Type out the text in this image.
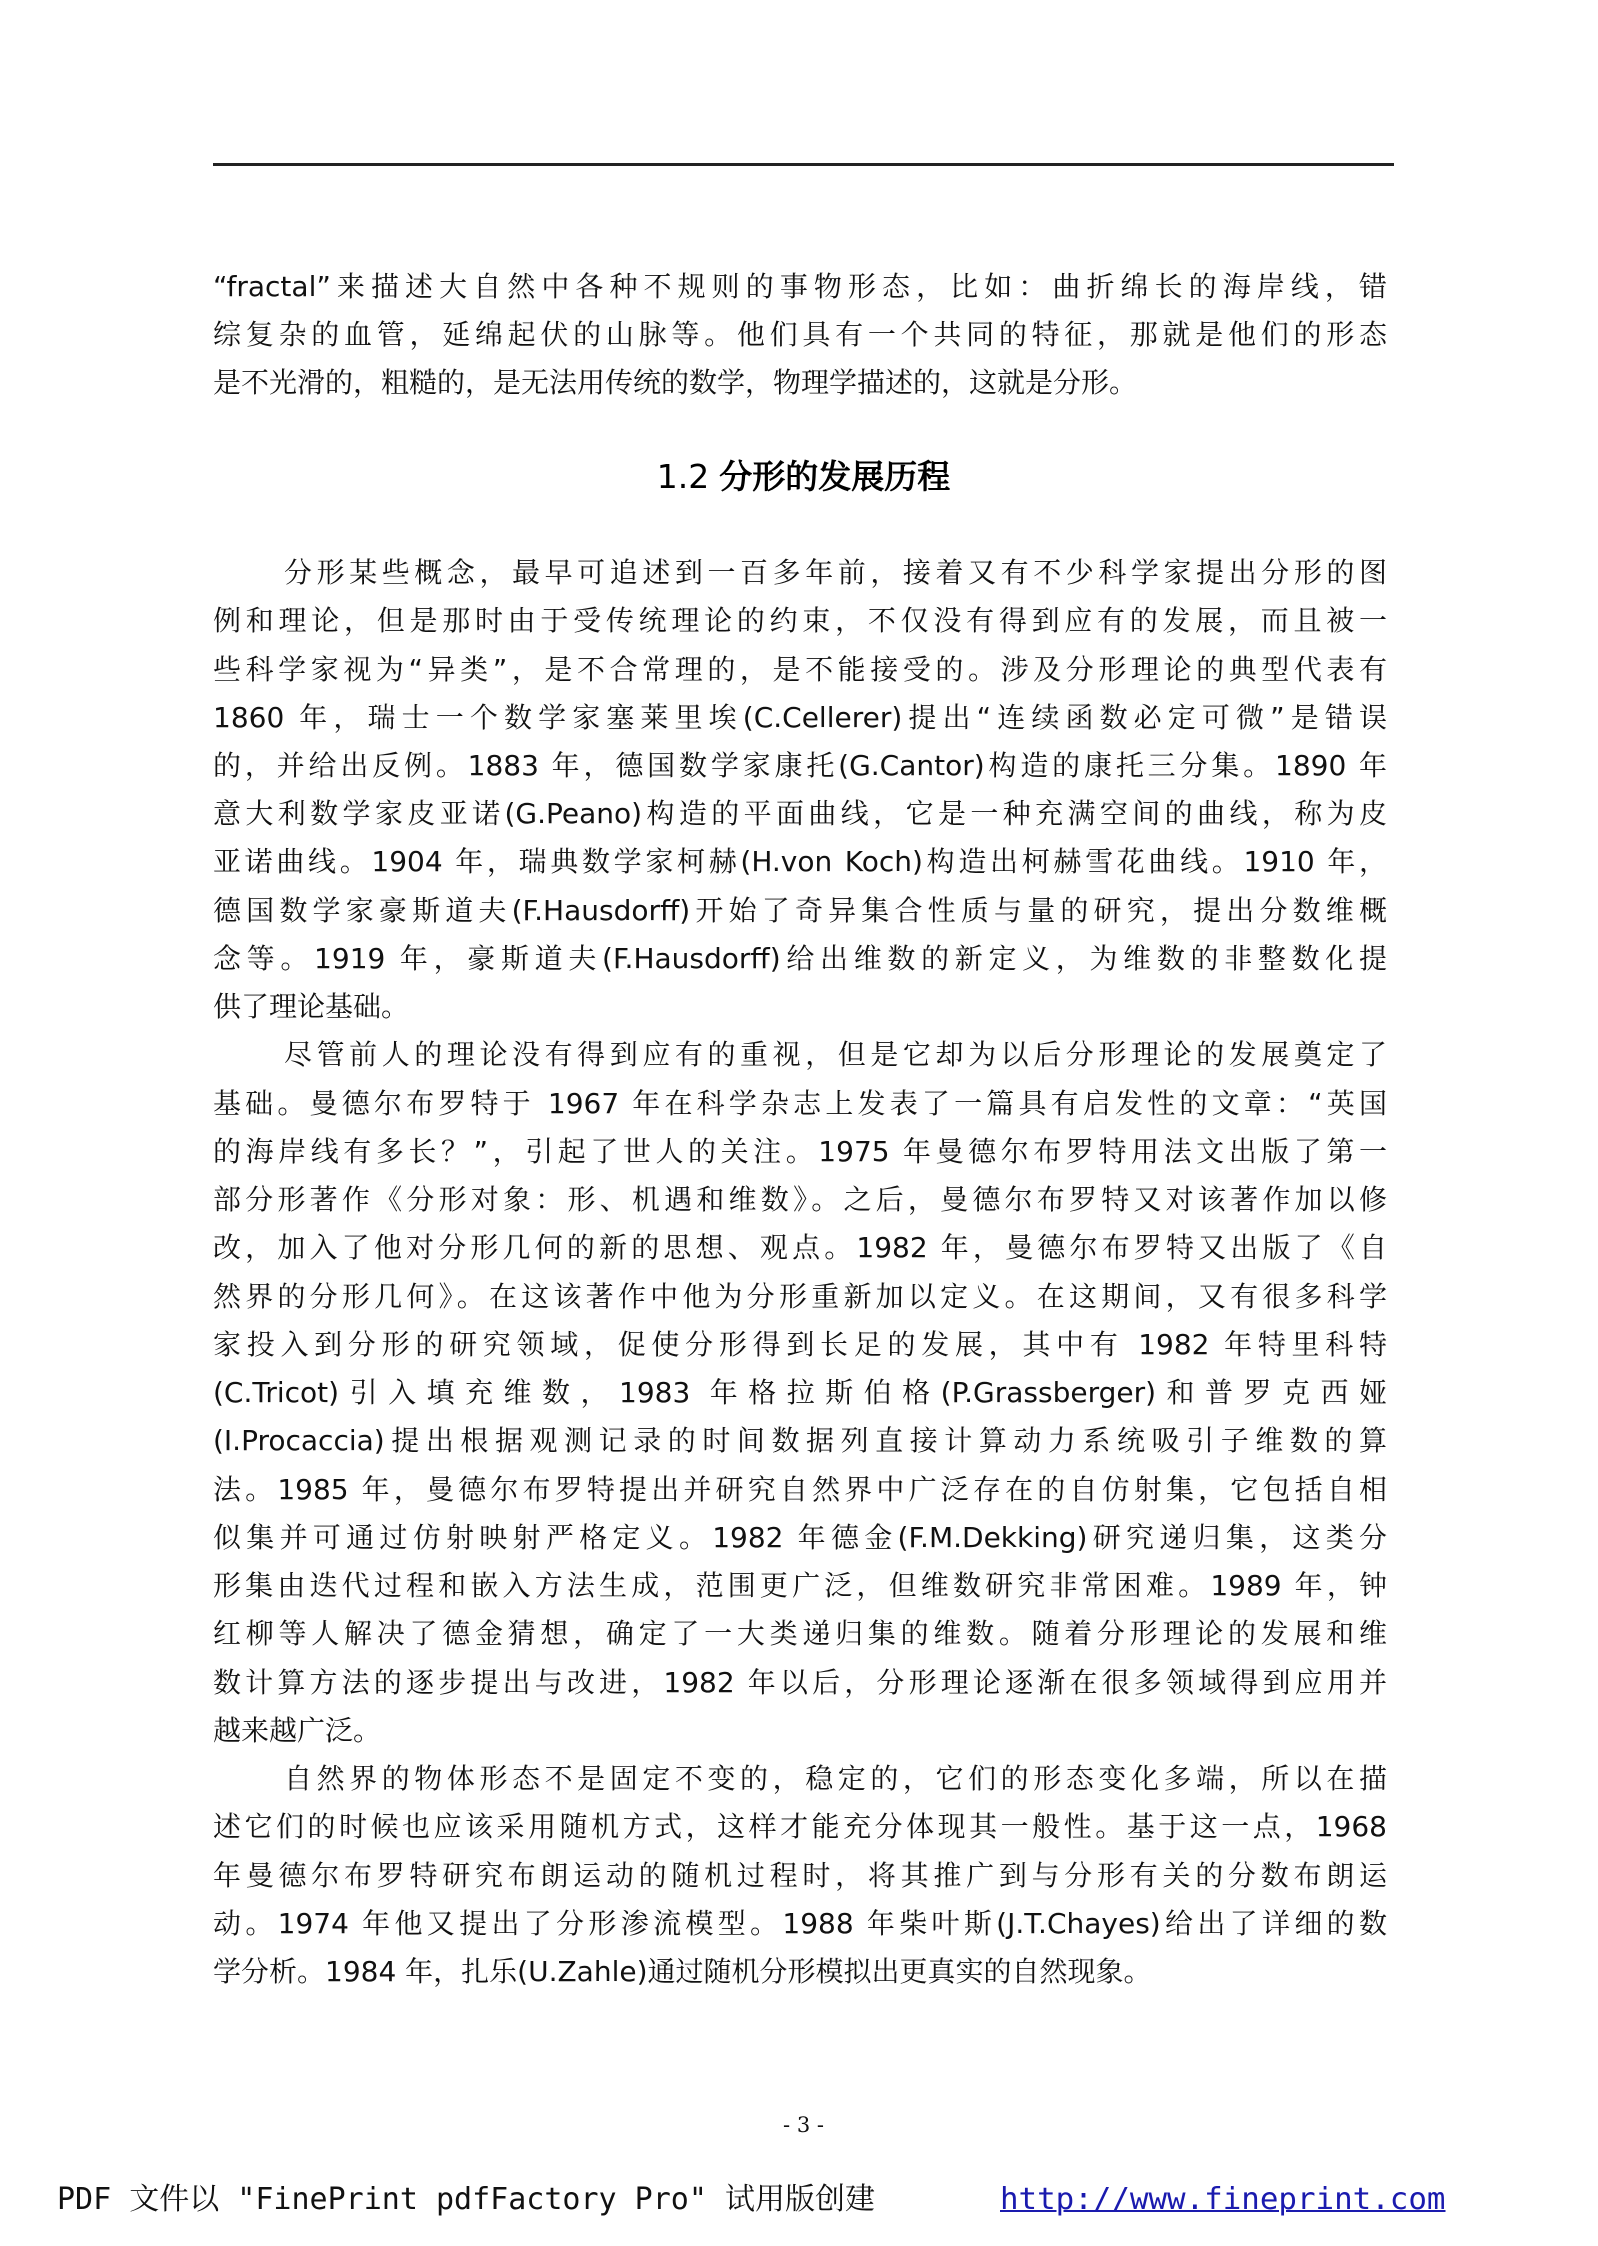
“fractal”来描述大自然中各种不规则的事物形态，比如：曲折绵长的海岸线，错
综复杂的血管，延绵起伏的山脉等。他们具有一个共同的特征，那就是他们的形态
是不光滑的，粗糙的，是无法用传统的数学，物理学描述的，这就是分形。
1.2 分形的发展历程
分形某些概念，最早可追述到一百多年前，接着又有不少科学家提出分形的图
例和理论，但是那时由于受传统理论的约束，不仅没有得到应有的发展，而且被一
些科学家视为“异类”，是不合常理的，是不能接受的。涉及分形理论的典型代表有
1860 年，瑞士一个数学家塞莱里埃(C.Cellerer)提出“连续函数必定可微”是错误
的，并给出反例。1883 年，德国数学家康托(G.Cantor)构造的康托三分集。1890 年
意大利数学家皮亚诺(G.Peano)构造的平面曲线，它是一种充满空间的曲线，称为皮
亚诺曲线。1904 年，瑞典数学家柯赫(H.von Koch)构造出柯赫雪花曲线。1910 年，
德国数学家豪斯道夫(F.Hausdorff)开始了奇异集合性质与量的研究，提出分数维概
念等。1919 年，豪斯道夫(F.Hausdorff)给出维数的新定义，为维数的非整数化提
供了理论基础。
尽管前人的理论没有得到应有的重视，但是它却为以后分形理论的发展奠定了
基础。曼德尔布罗特于 1967 年在科学杂志上发表了一篇具有启发性的文章：“英国
的海岸线有多长？”，引起了世人的关注。1975 年曼德尔布罗特用法文出版了第一
部分形著作《分形对象：形、机遇和维数》。之后，曼德尔布罗特又对该著作加以修
改，加入了他对分形几何的新的思想、观点。1982 年，曼德尔布罗特又出版了《自
然界的分形几何》。在这该著作中他为分形重新加以定义。在这期间，又有很多科学
家投入到分形的研究领域，促使分形得到长足的发展，其中有 1982 年特里科特
(C.Tricot)引入填充维数，1983 年格拉斯伯格(P.Grassberger)和普罗克西娅
(I.Procaccia)提出根据观测记录的时间数据列直接计算动力系统吸引子维数的算
法。1985 年，曼德尔布罗特提出并研究自然界中广泛存在的自仿射集，它包括自相
似集并可通过仿射映射严格定义。1982 年德金(F.M.Dekking)研究递归集，这类分
形集由迭代过程和嵌入方法生成，范围更广泛，但维数研究非常困难。1989 年，钟
红柳等人解决了德金猜想，确定了一大类递归集的维数。随着分形理论的发展和维
数计算方法的逐步提出与改进，1982 年以后，分形理论逐渐在很多领域得到应用并
越来越广泛。
自然界的物体形态不是固定不变的，稳定的，它们的形态变化多端，所以在描
述它们的时候也应该采用随机方式，这样才能充分体现其一般性。基于这一点，1968
年曼德尔布罗特研究布朗运动的随机过程时，将其推广到与分形有关的分数布朗运
动。1974 年他又提出了分形渗流模型。1988 年柴叶斯(J.T.Chayes)给出了详细的数
学分析。1984 年，扎乐(U.Zahle)通过随机分形模拟出更真实的自然现象。
- 3 -
PDF 文件以 "FinePrint pdfFactory Pro" 试用版创建	http://www.fineprint.com
